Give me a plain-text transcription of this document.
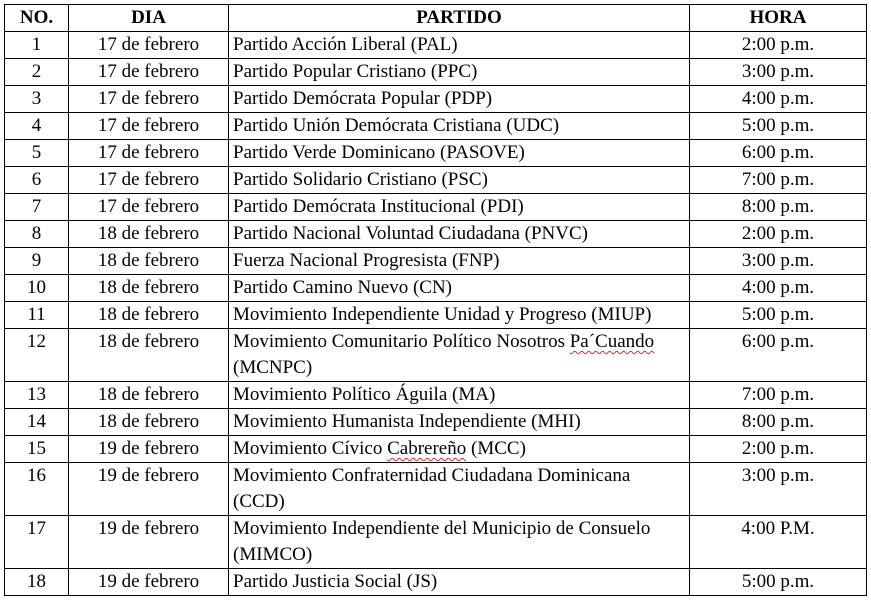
NO.	DIA	PARTIDO	HORA
1	17 de febrero	Partido Acción Liberal (PAL)	2:00 p.m.
2	17 de febrero	Partido Popular Cristiano (PPC)	3:00 p.m.
3	17 de febrero	Partido Demócrata Popular (PDP)	4:00 p.m.
4	17 de febrero	Partido Unión Demócrata Cristiana (UDC)	5:00 p.m.
5	17 de febrero	Partido Verde Dominicano (PASOVE)	6:00 p.m.
6	17 de febrero	Partido Solidario Cristiano (PSC)	7:00 p.m.
7	17 de febrero	Partido Demócrata Institucional (PDI)	8:00 p.m.
8	18 de febrero	Partido Nacional Voluntad Ciudadana (PNVC)	2:00 p.m.
9	18 de febrero	Fuerza Nacional Progresista (FNP)	3:00 p.m.
10	18 de febrero	Partido Camino Nuevo (CN)	4:00 p.m.
11	18 de febrero	Movimiento Independiente Unidad y Progreso (MIUP)	5:00 p.m.
12	18 de febrero	Movimiento Comunitario Político Nosotros Pa´Cuando (MCNPC)	6:00 p.m.
13	18 de febrero	Movimiento Político Águila (MA)	7:00 p.m.
14	18 de febrero	Movimiento Humanista Independiente (MHI)	8:00 p.m.
15	19 de febrero	Movimiento Cívico Cabrereño (MCC)	2:00 p.m.
16	19 de febrero	Movimiento Confraternidad Ciudadana Dominicana (CCD)	3:00 p.m.
17	19 de febrero	Movimiento Independiente del Municipio de Consuelo (MIMCO)	4:00 P.M.
18	19 de febrero	Partido Justicia Social (JS)	5:00 p.m.
